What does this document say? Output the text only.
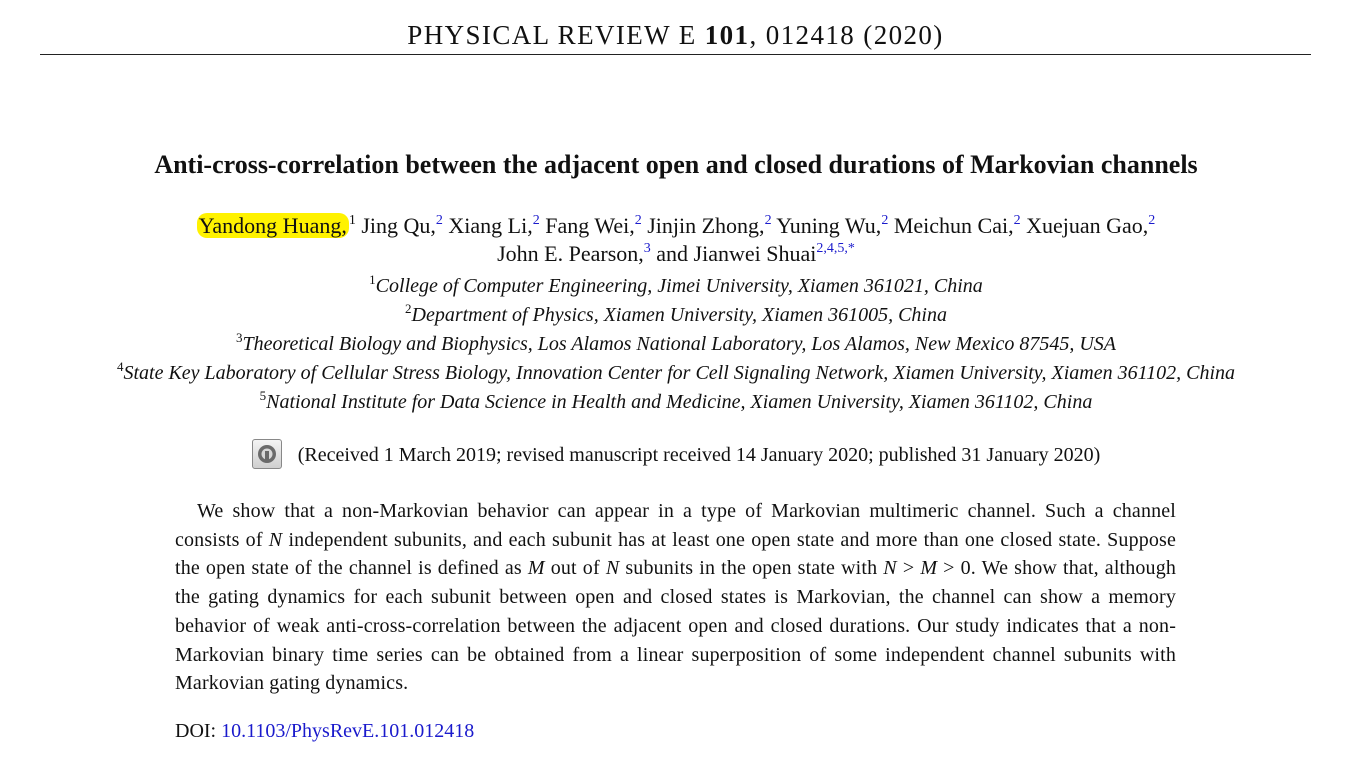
PHYSICAL REVIEW E 101, 012418 (2020)
Anti-cross-correlation between the adjacent open and closed durations of Markovian channels
Yandong Huang, $^1$ Jing Qu,$^2$ Xiang Li,$^2$ Fang Wei,$^2$ Jinjin Zhong,$^2$ Yuning Wu,$^2$ Meichun Cai,$^2$ Xuejuan Gao,$^2$
John E. Pearson,$^3$ and Jianwei Shuai$^{2,4,5,*}$
$^1$College of Computer Engineering, Jimei University, Xiamen 361021, China
$^2$Department of Physics, Xiamen University, Xiamen 361005, China
$^3$Theoretical Biology and Biophysics, Los Alamos National Laboratory, Los Alamos, New Mexico 87545, USA
$^4$State Key Laboratory of Cellular Stress Biology, Innovation Center for Cell Signaling Network, Xiamen University, Xiamen 361102, China
$^5$National Institute for Data Science in Health and Medicine, Xiamen University, Xiamen 361102, China
(Received 1 March 2019; revised manuscript received 14 January 2020; published 31 January 2020)
We show that a non-Markovian behavior can appear in a type of Markovian multimeric channel. Such a channel consists of N independent subunits, and each subunit has at least one open state and more than one closed state. Suppose the open state of the channel is defined as M out of N subunits in the open state with N > M > 0. We show that, although the gating dynamics for each subunit between open and closed states is Markovian, the channel can show a memory behavior of weak anti-cross-correlation between the adjacent open and closed durations. Our study indicates that a non-Markovian binary time series can be obtained from a linear superposition of some independent channel subunits with Markovian gating dynamics.
DOI: 10.1103/PhysRevE.101.012418
